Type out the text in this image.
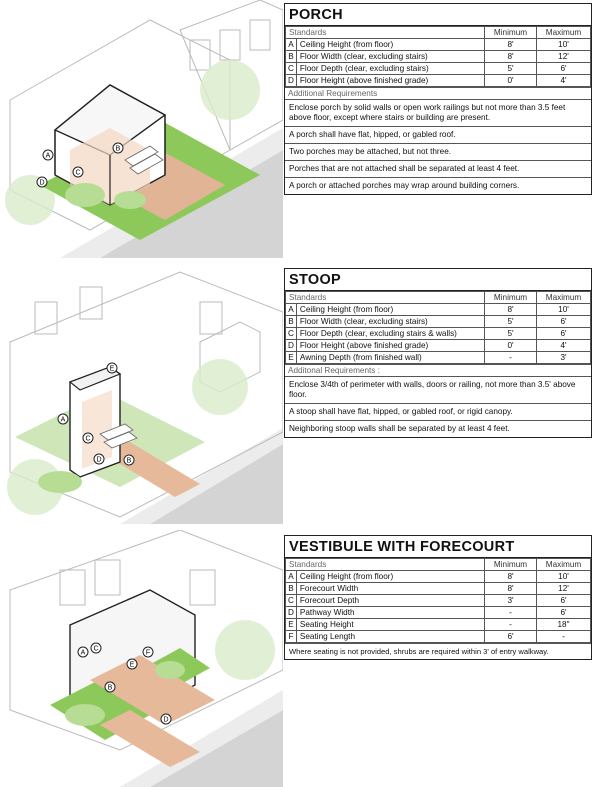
A
B
C
D
E
A
C
D	B
A
C
E
F
B
D
PORCH
Standards		Minimum	Maximum
A	Ceiling Height (from floor)	8'	10'
B	Floor Width (clear, excluding stairs)	8'	12'
C	Floor Depth (clear, excluding stairs)	5'	6'
D	Floor Height (above finished grade)	0'	4'
Additional Requirements
Enclose porch by solid walls or open work railings but not more than 3.5 feet above floor, except where stairs or building are present.
A porch shall have flat, hipped, or gabled roof.
Two porches may be attached, but not three.
Porches that are not attached shall be separated at least 4 feet.
A porch or attached porches may wrap around building corners.
STOOP
Standards		Minimum	Maximum
A	Ceiling Height (from floor)	8'	10'
B	Floor Width (clear, excluding stairs)	5'	6'
C	Floor Depth (clear, excluding stairs & walls)	5'	6'
D	Floor Height (above finished grade)	0'	4'
E	Awning Depth (from finished wall)	-	3'
Additonal Requirements :
Enclose 3/4th of perimeter with walls, doors or railing, not more than 3.5' above floor.
A stoop shall have flat, hipped, or gabled roof, or rigid canopy.
Neighboring stoop walls shall be separated by at least 4 feet.
VESTIBULE WITH FORECOURT
Standards		Minimum	Maximum
A	Ceiling Height (from floor)	8'	10'
B	Forecourt Width	8'	12'
C	Forecourt Depth	3'	6'
D	Pathway Width	-	6'
E	Seating Height	-	18"
F	Seating Length	6'	-
Where seating is not provided, shrubs are required within 3' of entry walkway.
